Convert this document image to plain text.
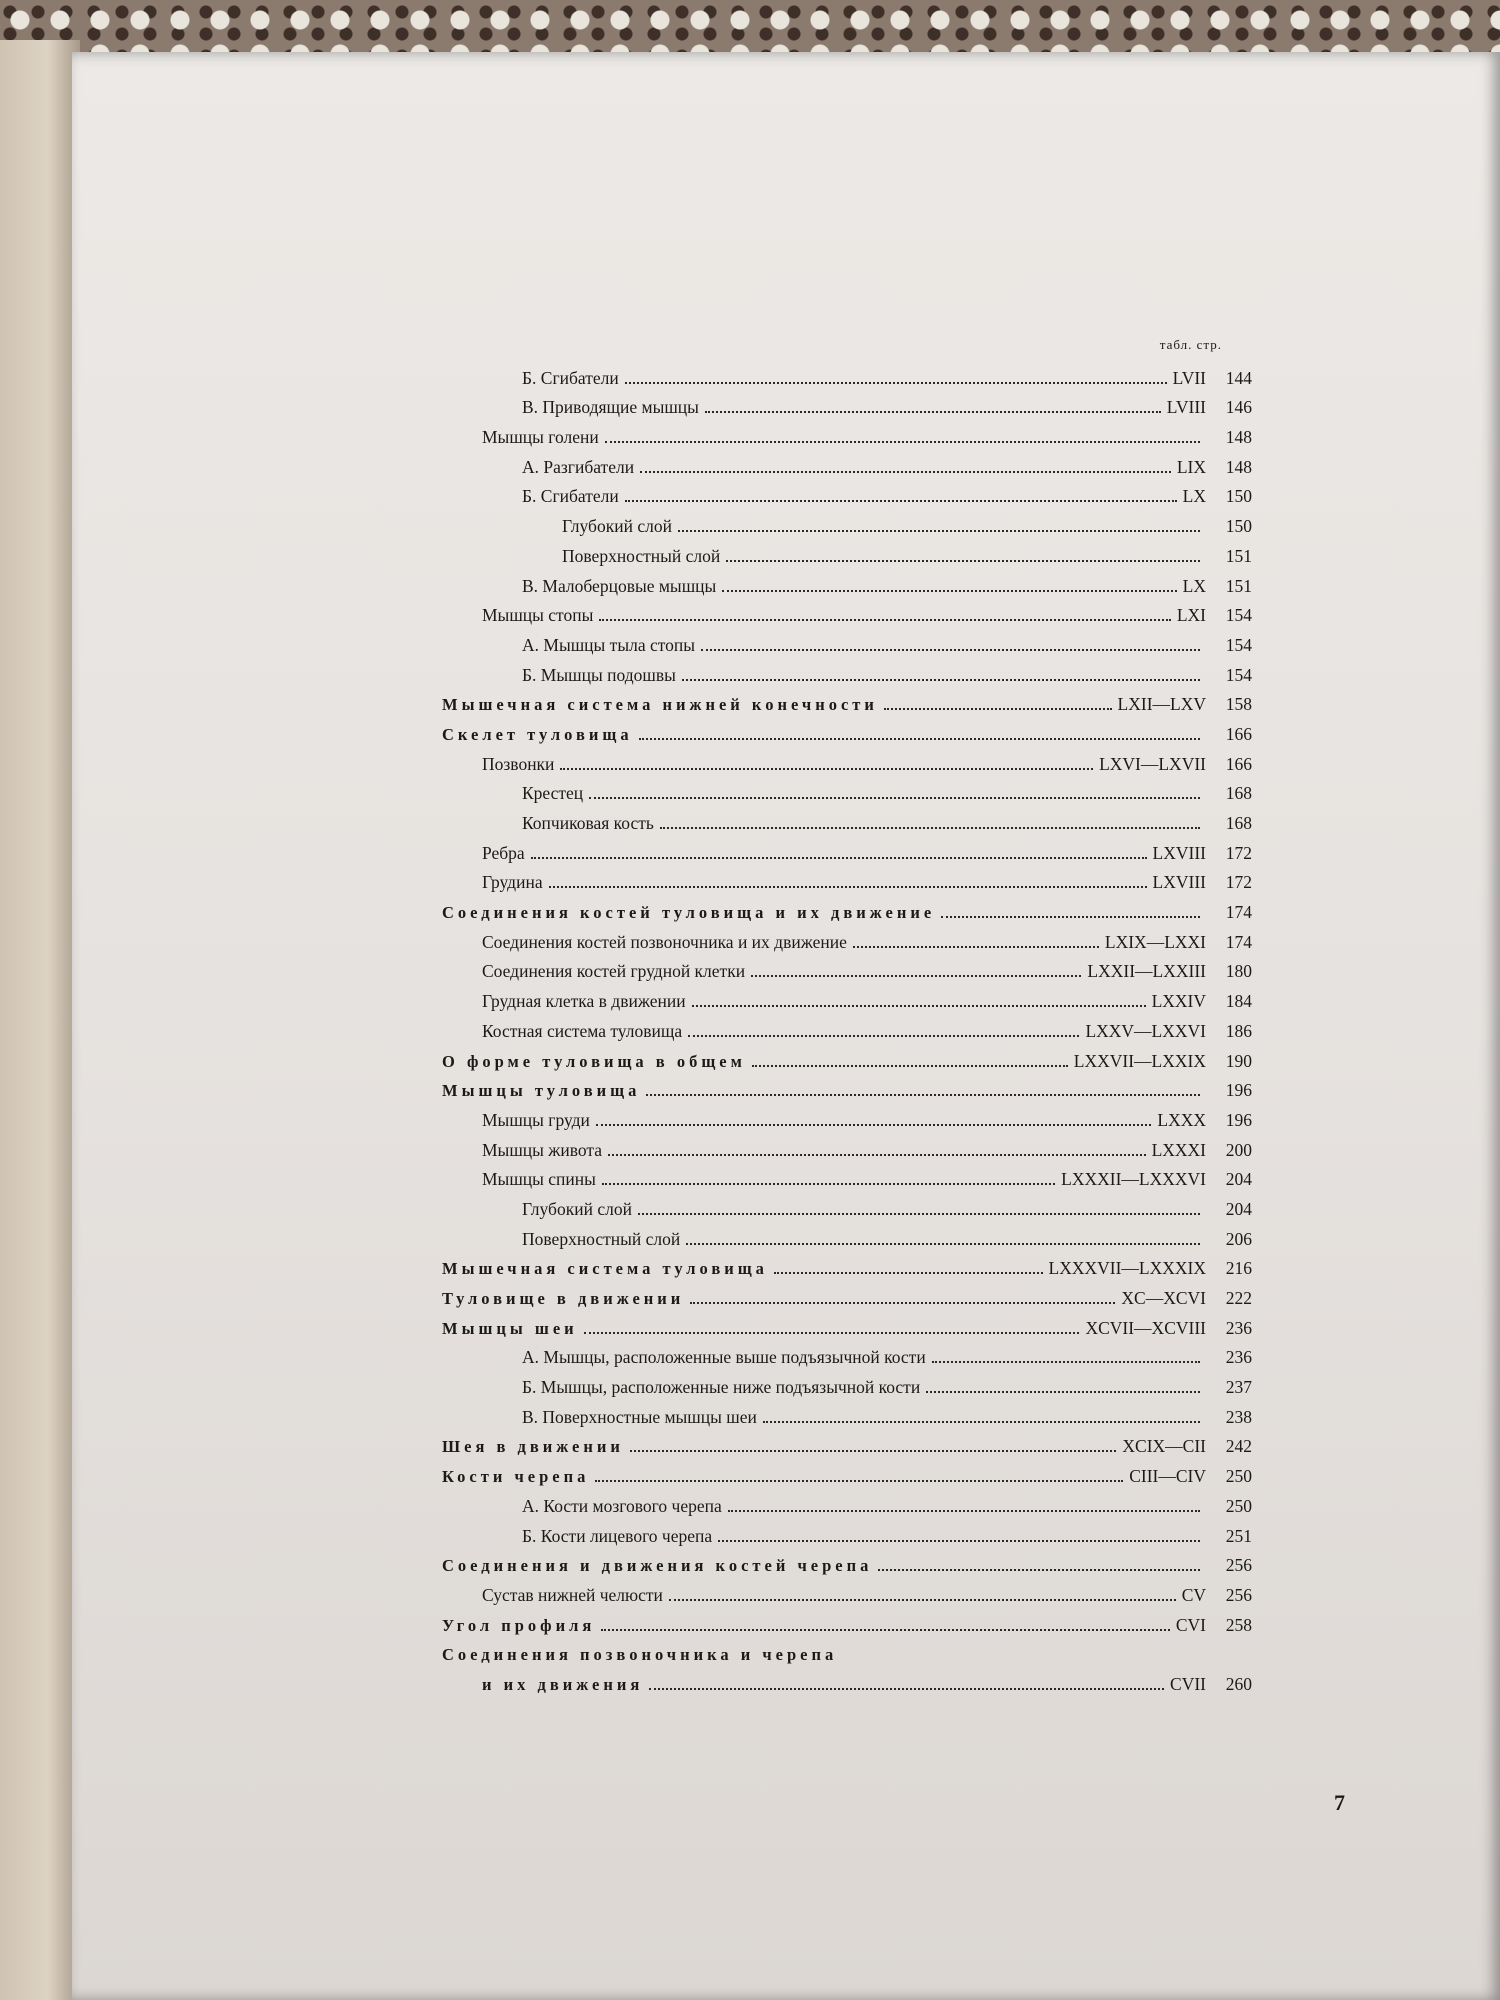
табл. стр.
Б. Сгибатели	LVII	144
В. Приводящие мышцы	LVIII	146
Мышцы голени	148
А. Разгибатели	LIX	148
Б. Сгибатели	LX	150
Глубокий слой	150
Поверхностный слой	151
В. Малоберцовые мышцы	LX	151
Мышцы стопы	LXI	154
А. Мышцы тыла стопы	154
Б. Мышцы подошвы	154
Мышечная система нижней конечности	LXII—LXV	158
Скелет туловища	166
Позвонки	LXVI—LXVII	166
Крестец	168
Копчиковая кость	168
Ребра	LXVIII	172
Грудина	LXVIII	172
Соединения костей туловища и их движение	174
Соединения костей позвоночника и их движение	LXIX—LXXI	174
Соединения костей грудной клетки	LXXII—LXXIII	180
Грудная клетка в движении	LXXIV	184
Костная система туловища	LXXV—LXXVI	186
О форме туловища в общем	LXXVII—LXXIX	190
Мышцы туловища	196
Мышцы груди	LXXX	196
Мышцы живота	LXXXI	200
Мышцы спины	LXXXII—LXXXVI	204
Глубокий слой	204
Поверхностный слой	206
Мышечная система туловища	LXXXVII—LXXXIX	216
Туловище в движении	XC—XCVI	222
Мышцы шеи	XCVII—XCVIII	236
А. Мышцы, расположенные выше подъязычной кости	236
Б. Мышцы, расположенные ниже подъязычной кости	237
В. Поверхностные мышцы шеи	238
Шея в движении	XCIX—CII	242
Кости черепа	CIII—CIV	250
А. Кости мозгового черепа	250
Б. Кости лицевого черепа	251
Соединения и движения костей черепа	256
Сустав нижней челюсти	CV	256
Угол профиля	CVI	258
Соединения позвоночника и черепа
и их движения	CVII	260
7
